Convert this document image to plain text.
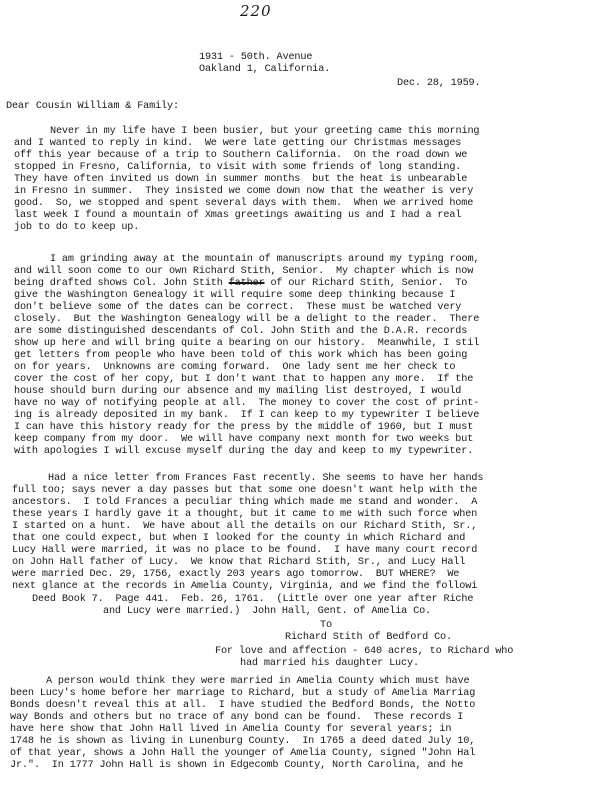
220
1931 - 50th. Avenue
Oakland 1, California.
Dec. 28, 1959.
Dear Cousin William & Family:
Never in my life have I been busier, but your greeting came this morning
and I wanted to reply in kind.  We were late getting our Christmas messages
off this year because of a trip to Southern California.  On the road down we
stopped in Fresno, California, to visit with some friends of long standing.
They have often invited us down in summer months  but the heat is unbearable
in Fresno in summer.  They insisted we come down now that the weather is very
good.  So, we stopped and spent several days with them.  When we arrived home
last week I found a mountain of Xmas greetings awaiting us and I had a real
job to do to keep up.
I am grinding away at the mountain of manuscripts around my typing room,
and will soon come to our own Richard Stith, Senior.  My chapter which is now
being drafted shows Col. John Stith father of our Richard Stith, Senior.  To
give the Washington Genealogy it will require some deep thinking because I
don't believe some of the dates can be correct.  These must be watched very
closely.  But the Washington Genealogy will be a delight to the reader.  There
are some distinguished descendants of Col. John Stith and the D.A.R. records
show up here and will bring quite a bearing on our history.  Meanwhile, I stil
get letters from people who have been told of this work which has been going
on for years.  Unknowns are coming forward.  One lady sent me her check to
cover the cost of her copy, but I don't want that to happen any more.  If the
house should burn during our absence and my mailing list destroyed, I would
have no way of notifying people at all.  The money to cover the cost of print-
ing is already deposited in my bank.  If I can keep to my typewriter I believe
I can have this history ready for the press by the middle of 1960, but I must
keep company from my door.  We will have company next month for two weeks but
with apologies I will excuse myself during the day and keep to my typewriter.
Had a nice letter from Frances Fast recently. She seems to have her hands
full too; says never a day passes but that some one doesn't want help with the
ancestors.  I told Frances a peculiar thing which made me stand and wonder.  A
these years I hardly gave it a thought, but it came to me with such force when
I started on a hunt.  We have about all the details on our Richard Stith, Sr.,
that one could expect, but when I looked for the county in which Richard and
Lucy Hall were married, it was no place to be found.  I have many court record
on John Hall father of Lucy.  We know that Richard Stith, Sr., and Lucy Hall
were married Dec. 29, 1756, exactly 203 years ago tomorrow.  BUT WHERE?  We
next glance at the records in Amelia County, Virginia, and we find the followi
Deed Book 7.  Page 441.  Feb. 26, 1761.  (Little over one year after Riche
and Lucy were married.)  John Hall, Gent. of Amelia Co.
To
Richard Stith of Bedford Co.
For love and affection - 640 acres, to Richard who
had married his daughter Lucy.
A person would think they were married in Amelia County which must have
been Lucy's home before her marriage to Richard, but a study of Amelia Marriag
Bonds doesn't reveal this at all.  I have studied the Bedford Bonds, the Notto
way Bonds and others but no trace of any bond can be found.  These records I
have here show that John Hall lived in Amelia County for several years; in
1748 he is shown as living in Lunenburg County.  In 1765 a deed dated July 10,
of that year, shows a John Hall the younger of Amelia County, signed "John Hal
Jr.".  In 1777 John Hall is shown in Edgecomb County, North Carolina, and he
